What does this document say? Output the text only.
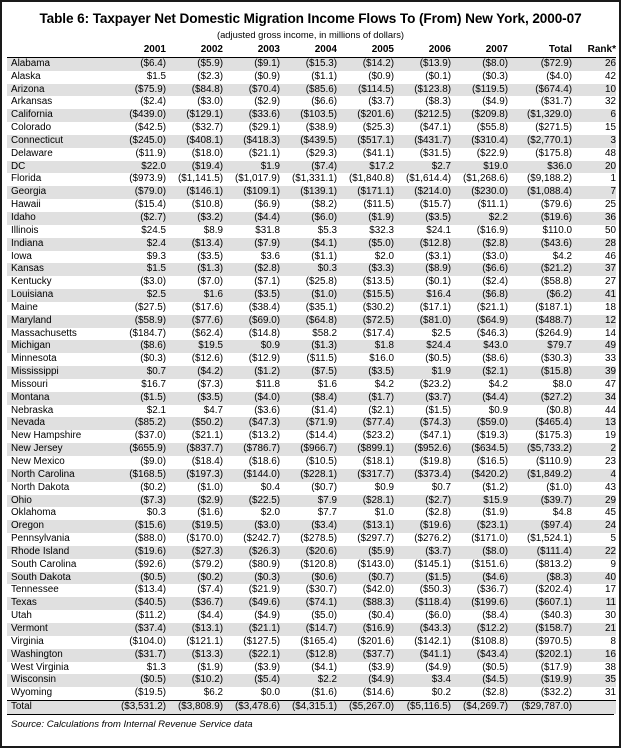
Table 6: Taxpayer Net Domestic Migration Income Flows To (From) New York, 2000-07
(adjusted gross income, in millions of dollars)
	2001	2002	2003	2004	2005	2006	2007	Total	Rank*
Alabama	($6.4)	($5.9)	($9.1)	($15.3)	($14.2)	($13.9)	($8.0)	($72.9)	26
Alaska	$1.5	($2.3)	($0.9)	($1.1)	($0.9)	($0.1)	($0.3)	($4.0)	42
Arizona	($75.9)	($84.8)	($70.4)	($85.6)	($114.5)	($123.8)	($119.5)	($674.4)	10
Arkansas	($2.4)	($3.0)	($2.9)	($6.6)	($3.7)	($8.3)	($4.9)	($31.7)	32
California	($439.0)	($129.1)	($33.6)	($103.5)	($201.6)	($212.5)	($209.8)	($1,329.0)	6
Colorado	($42.5)	($32.7)	($29.1)	($38.9)	($25.3)	($47.1)	($55.8)	($271.5)	15
Connecticut	($245.0)	($408.1)	($418.3)	($439.5)	($517.1)	($431.7)	($310.4)	($2,770.1)	3
Delaware	($11.9)	($18.0)	($21.1)	($29.3)	($41.1)	($31.5)	($22.9)	($175.8)	48
DC	$22.0	($19.4)	$1.9	($7.4)	$17.2	$2.7	$19.0	$36.0	20
Florida	($973.9)	($1,141.5)	($1,017.9)	($1,331.1)	($1,840.8)	($1,614.4)	($1,268.6)	($9,188.2)	1
Georgia	($79.0)	($146.1)	($109.1)	($139.1)	($171.1)	($214.0)	($230.0)	($1,088.4)	7
Hawaii	($15.4)	($10.8)	($6.9)	($8.2)	($11.5)	($15.7)	($11.1)	($79.6)	25
Idaho	($2.7)	($3.2)	($4.4)	($6.0)	($1.9)	($3.5)	$2.2	($19.6)	36
Illinois	$24.5	$8.9	$31.8	$5.3	$32.3	$24.1	($16.9)	$110.0	50
Indiana	$2.4	($13.4)	($7.9)	($4.1)	($5.0)	($12.8)	($2.8)	($43.6)	28
Iowa	$9.3	($3.5)	$3.6	($1.1)	$2.0	($3.1)	($3.0)	$4.2	46
Kansas	$1.5	($1.3)	($2.8)	$0.3	($3.3)	($8.9)	($6.6)	($21.2)	37
Kentucky	($3.0)	($7.0)	($7.1)	($25.8)	($13.5)	($0.1)	($2.4)	($58.8)	27
Louisiana	$2.5	$1.6	($3.5)	($1.0)	($15.5)	$16.4	($6.8)	($6.2)	41
Maine	($27.5)	($17.6)	($38.4)	($35.1)	($30.2)	($17.1)	($21.1)	($187.1)	18
Maryland	($58.9)	($77.6)	($69.0)	($64.8)	($72.5)	($81.0)	($64.9)	($488.7)	12
Massachusetts	($184.7)	($62.4)	($14.8)	$58.2	($17.4)	$2.5	($46.3)	($264.9)	14
Michigan	($8.6)	$19.5	$0.9	($1.3)	$1.8	$24.4	$43.0	$79.7	49
Minnesota	($0.3)	($12.6)	($12.9)	($11.5)	$16.0	($0.5)	($8.6)	($30.3)	33
Mississippi	$0.7	($4.2)	($1.2)	($7.5)	($3.5)	$1.9	($2.1)	($15.8)	39
Missouri	$16.7	($7.3)	$11.8	$1.6	$4.2	($23.2)	$4.2	$8.0	47
Montana	($1.5)	($3.5)	($4.0)	($8.4)	($1.7)	($3.7)	($4.4)	($27.2)	34
Nebraska	$2.1	$4.7	($3.6)	($1.4)	($2.1)	($1.5)	$0.9	($0.8)	44
Nevada	($85.2)	($50.2)	($47.3)	($71.9)	($77.4)	($74.3)	($59.0)	($465.4)	13
New Hampshire	($37.0)	($21.1)	($13.2)	($14.4)	($23.2)	($47.1)	($19.3)	($175.3)	19
New Jersey	($655.9)	($837.7)	($786.7)	($966.7)	($899.1)	($952.6)	($634.5)	($5,733.2)	2
New Mexico	($9.0)	($18.4)	($18.6)	($10.5)	($18.1)	($19.8)	($16.5)	($110.9)	23
North Carolina	($168.5)	($197.3)	($144.0)	($228.1)	($317.7)	($373.4)	($420.2)	($1,849.2)	4
North Dakota	($0.2)	($1.0)	$0.4	($0.7)	$0.9	$0.7	($1.2)	($1.0)	43
Ohio	($7.3)	($2.9)	($22.5)	$7.9	($28.1)	($2.7)	$15.9	($39.7)	29
Oklahoma	$0.3	($1.6)	$2.0	$7.7	$1.0	($2.8)	($1.9)	$4.8	45
Oregon	($15.6)	($19.5)	($3.0)	($3.4)	($13.1)	($19.6)	($23.1)	($97.4)	24
Pennsylvania	($88.0)	($170.0)	($242.7)	($278.5)	($297.7)	($276.2)	($171.0)	($1,524.1)	5
Rhode Island	($19.6)	($27.3)	($26.3)	($20.6)	($5.9)	($3.7)	($8.0)	($111.4)	22
South Carolina	($92.6)	($79.2)	($80.9)	($120.8)	($143.0)	($145.1)	($151.6)	($813.2)	9
South Dakota	($0.5)	($0.2)	($0.3)	($0.6)	($0.7)	($1.5)	($4.6)	($8.3)	40
Tennessee	($13.4)	($7.4)	($21.9)	($30.7)	($42.0)	($50.3)	($36.7)	($202.4)	17
Texas	($40.5)	($36.7)	($49.6)	($74.1)	($88.3)	($118.4)	($199.6)	($607.1)	11
Utah	($11.2)	($4.4)	($4.9)	($5.0)	($0.4)	($6.0)	($8.4)	($40.3)	30
Vermont	($37.4)	($13.1)	($21.1)	($14.7)	($16.9)	($43.3)	($12.2)	($158.7)	21
Virginia	($104.0)	($121.1)	($127.5)	($165.4)	($201.6)	($142.1)	($108.8)	($970.5)	8
Washington	($31.7)	($13.3)	($22.1)	($12.8)	($37.7)	($41.1)	($43.4)	($202.1)	16
West Virginia	$1.3	($1.9)	($3.9)	($4.1)	($3.9)	($4.9)	($0.5)	($17.9)	38
Wisconsin	($0.5)	($10.2)	($5.4)	$2.2	($4.9)	$3.4	($4.5)	($19.9)	35
Wyoming	($19.5)	$6.2	$0.0	($1.6)	($14.6)	$0.2	($2.8)	($32.2)	31
Total	($3,531.2)	($3,808.9)	($3,478.6)	($4,315.1)	($5,267.0)	($5,116.5)	($4,269.7)	($29,787.0)	
Source: Calculations from Internal Revenue Service data
